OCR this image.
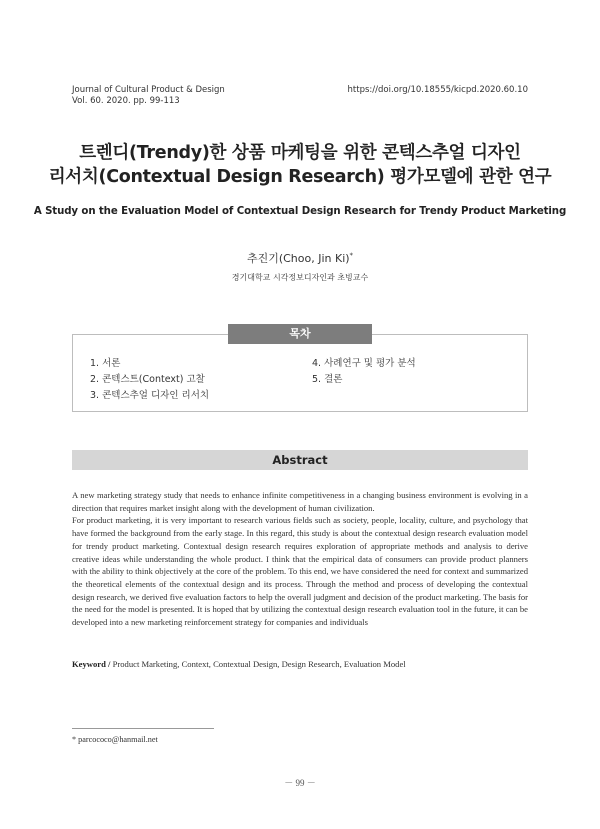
Journal of Cultural Product & Design
Vol. 60. 2020. pp. 99-113
https://doi.org/10.18555/kicpd.2020.60.10
트렌디(Trendy)한 상품 마케팅을 위한 콘텍스추얼 디자인
리서치(Contextual Design Research) 평가모델에 관한 연구
A Study on the Evaluation Model of Contextual Design Research for Trendy Product Marketing
추진기(Choo, Jin Ki)*
경기대학교 시각정보디자인과 초빙교수
목차
1. 서론
2. 콘텍스트(Context) 고찰
3. 콘텍스추얼 디자인 리서치
4. 사례연구 및 평가 분석
5. 결론
Abstract

A new marketing strategy study that needs to enhance infinite competitiveness in a changing business environment is evolving in a direction that requires market insight along with the development of human civilization.

For product marketing, it is very important to research various fields such as society, people, locality, culture, and psychology that have formed the background from the early stage. In this regard, this study is about the contextual design research evaluation model for trendy product marketing. Contextual design research requires exploration of appropriate methods and analysis to derive creative ideas while understanding the whole product. I think that the empirical data of consumers can provide product planners with the ability to think objectively at the core of the problem. To this end, we have considered the need for context and summarized the theoretical elements of the contextual design and its process. Through the method and process of developing the contextual design research, we derived five evaluation factors to help the overall judgment and decision of the product marketing. The basis for the need for the model is presented. It is hoped that by utilizing the contextual design research evaluation tool in the future, it can be developed into a new marketing reinforcement strategy for companies and individuals

Keyword / Product Marketing, Context, Contextual Design, Design Research, Evaluation Model
* parcococo@hanmail.net
－ 99 －
